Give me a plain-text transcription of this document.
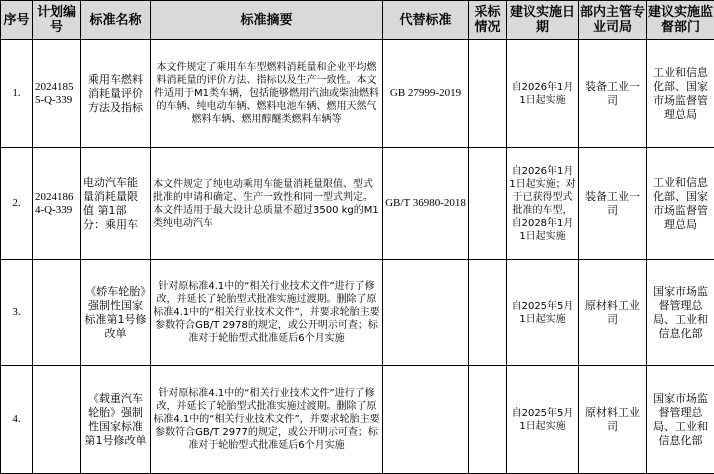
序号	计划编号	标准名称	标准摘要	代替标准	采标情况	建议实施日期	部内主管专业司局	建议实施监督部门
1.	20241855-Q-339	乘用车燃料消耗量评价方法及指标	本文件规定了乘用车车型燃料消耗量和企业平均燃料消耗量的评价方法、指标以及生产一致性。本文件适用于M1类车辆，包括能够燃用汽油或柴油燃料的车辆、纯电动车辆、燃料电池车辆、燃用天然气燃料车辆、燃用醇醚类燃料车辆等	GB 27999-2019		自2026年1月1日起实施	装备工业一司	工业和信息化部、国家市场监督管理总局
2.	20241864-Q-339	电动汽车能量消耗量限值 第1部分：乘用车	本文件规定了纯电动乘用车能量消耗量限值、型式批准的申请和确定、生产一致性和同一型式判定。本文件适用于最大设计总质量不超过3500 kg的M1类纯电动汽车	GB/T 36980-2018		自2026年1月1日起实施；对于已获得型式批准的车型，自2028年1月1日起实施	装备工业一司	工业和信息化部、国家市场监督管理总局
3.		《轿车轮胎》强制性国家标准第1号修改单	针对原标准4.1中的“相关行业技术文件”进行了修改，并延长了轮胎型式批准实施过渡期。删除了原标准4.1中的“相关行业技术文件”，并要求轮胎主要参数符合GB/T 2978的规定，或公开明示可查；标准对于轮胎型式批准延后6个月实施			自2025年5月1日起实施	原材料工业司	国家市场监督管理总局、工业和信息化部
4.		《载重汽车轮胎》强制性国家标准第1号修改单	针对原标准4.1中的“相关行业技术文件”进行了修改，并延长了轮胎型式批准实施过渡期。删除了原标准4.1中的“相关行业技术文件”，并要求轮胎主要参数符合GB/T 2977的规定，或公开明示可查；标准对于轮胎型式批准延后6个月实施			自2025年5月1日起实施	原材料工业司	国家市场监督管理总局、工业和信息化部
